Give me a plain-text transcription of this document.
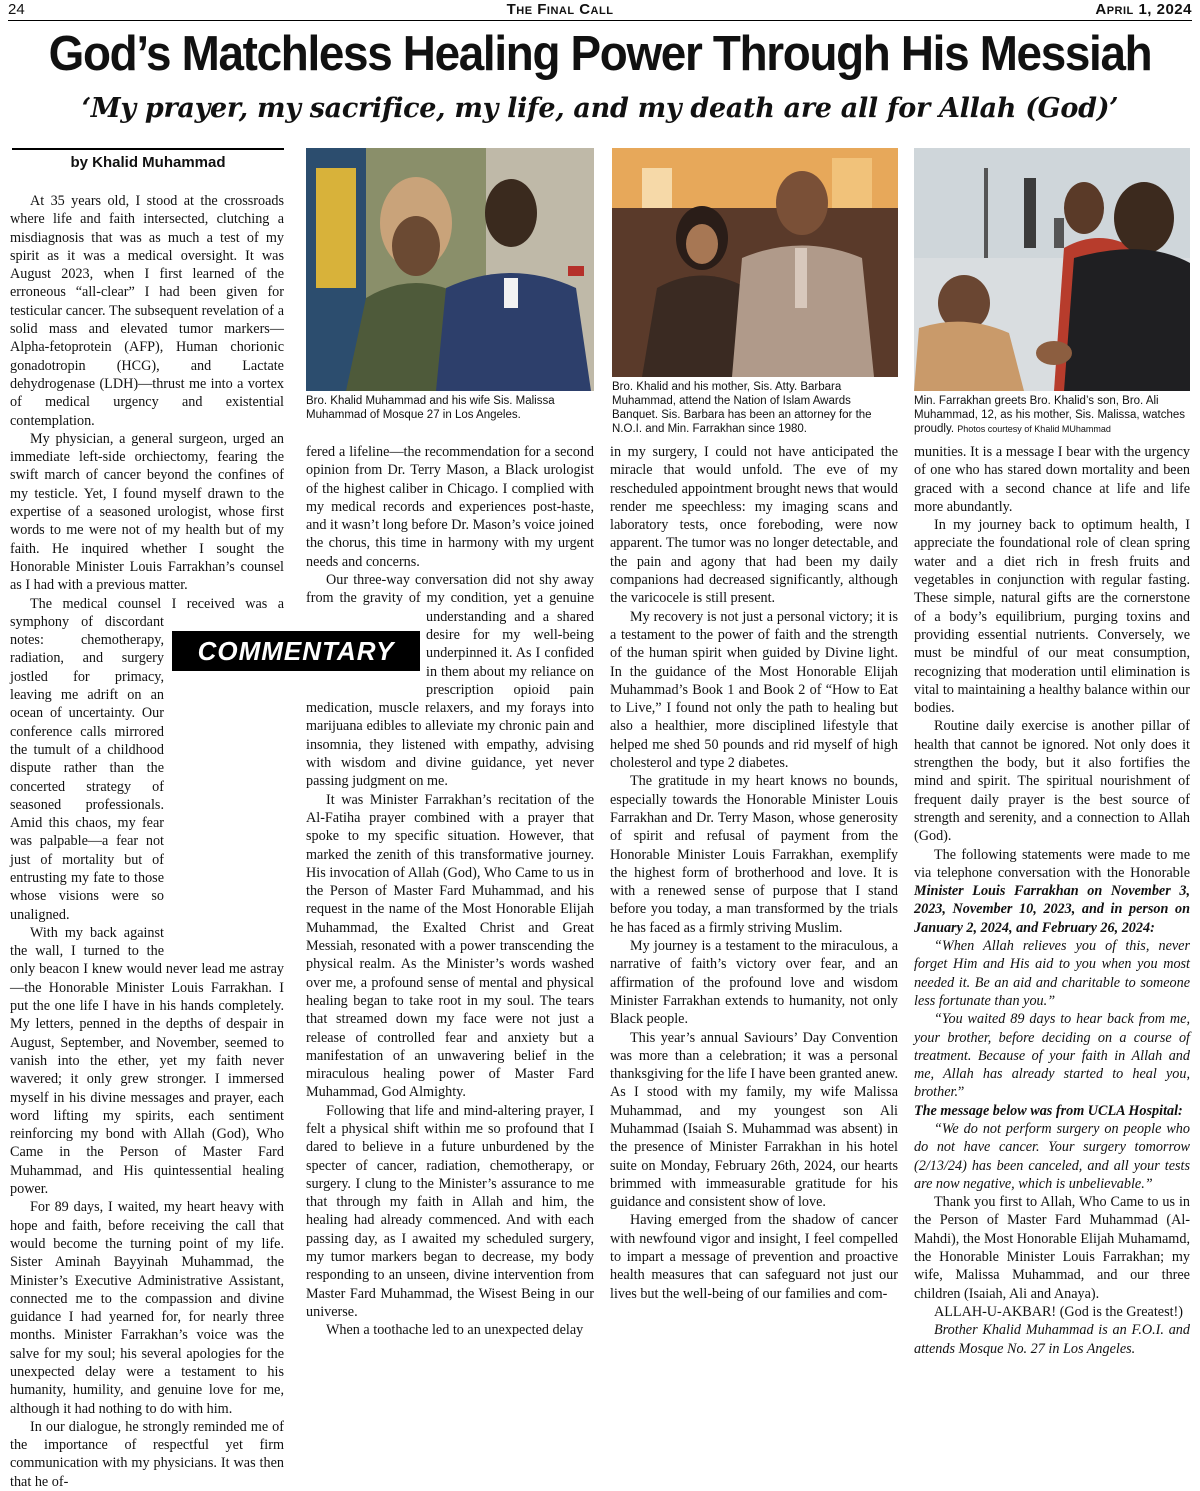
24	The Final Call	April 1, 2024
God’s Matchless Healing Power Through His Messiah
‘My prayer, my sacrifice, my life, and my death are all for Allah (God)’
by Khalid Muhammad
Bro. Khalid Muhammad and his wife Sis. Malissa Muhammad of Mosque 27 in Los Angeles.
Bro. Khalid and his mother, Sis. Atty. Barbara Muhammad, attend the Nation of Islam Awards Banquet. Sis. Barbara has been an attorney for the N.O.I. and Min. Farrakhan since 1980.
Min. Farrakhan greets Bro. Khalid’s son, Bro. Ali Muhammad, 12, as his mother, Sis. Malissa, watches proudly. Photos courtesy of Khalid MUhammad

At 35 years old, I stood at the crossroads where life and faith intersected, clutching a misdiagnosis that was as much a test of my spirit as it was a medical oversight. It was August 2023, when I first learned of the erroneous “all-clear” I had been given for testicular cancer. The subsequent revelation of a solid mass and elevated tumor markers—Alpha-fetoprotein (AFP), Human chorionic gonadotropin (HCG), and Lactate dehydrogenase (LDH)—thrust me into a vortex of medical urgency and existential contemplation.

My physician, a general surgeon, urged an immediate left-side orchiectomy, fearing the swift march of cancer beyond the confines of my testicle. Yet, I found myself drawn to the expertise of a seasoned urologist, whose first words to me were not of my health but of my faith. He inquired whether I sought the Honorable Minister Louis Farrakhan’s counsel as I had with a previous matter.

The medical counsel I received was a symphony of discordant notes: chemotherapy, radiation, and surgery jostled for primacy, leaving me adrift on an ocean of uncertainty. Our conference calls mirrored the tumult of a childhood dispute rather than the concerted strategy of seasoned professionals. Amid this chaos, my fear was palpable—a fear not just of mortality but of entrusting my fate to those whose visions were so unaligned.

With my back against the wall, I turned to the only beacon I knew would never lead me astray—the Honorable Minister Louis Farrakhan. I put the one life I have in his hands completely. My letters, penned in the depths of despair in August, September, and November, seemed to vanish into the ether, yet my faith never wavered; it only grew stronger. I immersed myself in his divine messages and prayer, each word lifting my spirits, each sentiment reinforcing my bond with Allah (God), Who Came in the Person of Master Fard Muhammad, and His quintessential healing power.

For 89 days, I waited, my heart heavy with hope and faith, before receiving the call that would become the turning point of my life. Sister Aminah Bayyinah Muhammad, the Minister’s Executive Administrative Assistant, connected me to the compassion and divine guidance I had yearned for, for nearly three months. Minister Farrakhan’s voice was the salve for my soul; his several apologies for the unexpected delay were a testament to his humanity, humility, and genuine love for me, although it had nothing to do with him.

In our dialogue, he strongly reminded me of the importance of respectful yet firm communication with my physicians. It was then that he of-

fered a lifeline—the recommendation for a second opinion from Dr. Terry Mason, a Black urologist of the highest caliber in Chicago. I complied with my medical records and experiences post-haste, and it wasn’t long before Dr. Mason’s voice joined the chorus, this time in harmony with my urgent needs and concerns.

Our three-way conversation did not shy away from the gravity of my condition, yet a genuine understanding and a shared desire for my well-being underpinned it. As I confided in them about my reliance on prescription opioid pain medication, muscle relaxers, and my forays into marijuana edibles to alleviate my chronic pain and insomnia, they listened with empathy, advising with wisdom and divine guidance, yet never passing judgment on me.

It was Minister Farrakhan’s recitation of the Al-Fatiha prayer combined with a prayer that spoke to my specific situation. However, that marked the zenith of this transformative journey. His invocation of Allah (God), Who Came to us in the Person of Master Fard Muhammad, and his request in the name of the Most Honorable Elijah Muhammad, the Exalted Christ and Great Messiah, resonated with a power transcending the physical realm. As the Minister’s words washed over me, a profound sense of mental and physical healing began to take root in my soul. The tears that streamed down my face were not just a release of controlled fear and anxiety but a manifestation of an unwavering belief in the miraculous healing power of Master Fard Muhammad, God Almighty.

Following that life and mind-altering prayer, I felt a physical shift within me so profound that I dared to believe in a future unburdened by the specter of cancer, radiation, chemotherapy, or surgery. I clung to the Minister’s assurance to me that through my faith in Allah and him, the healing had already commenced. And with each passing day, as I awaited my scheduled surgery, my tumor markers began to decrease, my body responding to an unseen, divine intervention from Master Fard Muhammad, the Wisest Being in our universe.

When a toothache led to an unexpected delay

in my surgery, I could not have anticipated the miracle that would unfold. The eve of my rescheduled appointment brought news that would render me speechless: my imaging scans and laboratory tests, once foreboding, were now apparent. The tumor was no longer detectable, and the pain and agony that had been my daily companions had decreased significantly, although the varicocele is still present.

My recovery is not just a personal victory; it is a testament to the power of faith and the strength of the human spirit when guided by Divine light. In the guidance of the Most Honorable Elijah Muhammad’s Book 1 and Book 2 of “How to Eat to Live,” I found not only the path to healing but also a healthier, more disciplined lifestyle that helped me shed 50 pounds and rid myself of high cholesterol and type 2 diabetes.

The gratitude in my heart knows no bounds, especially towards the Honorable Minister Louis Farrakhan and Dr. Terry Mason, whose generosity of spirit and refusal of payment from the Honorable Minister Louis Farrakhan, exemplify the highest form of brotherhood and love. It is with a renewed sense of purpose that I stand before you today, a man transformed by the trials he has faced as a firmly striving Muslim.

My journey is a testament to the miraculous, a narrative of faith’s victory over fear, and an affirmation of the profound love and wisdom Minister Farrakhan extends to humanity, not only Black people.

This year’s annual Saviours’ Day Convention was more than a celebration; it was a personal thanksgiving for the life I have been granted anew. As I stood with my family, my wife Malissa Muhammad, and my youngest son Ali Muhammad (Isaiah S. Muhammad was absent) in the presence of Minister Farrakhan in his hotel suite on Monday, February 26th, 2024, our hearts brimmed with immeasurable gratitude for his guidance and consistent show of love.

Having emerged from the shadow of cancer with newfound vigor and insight, I feel compelled to impart a message of prevention and proactive health measures that can safeguard not just our lives but the well-being of our families and com-

munities. It is a message I bear with the urgency of one who has stared down mortality and been graced with a second chance at life and life more abundantly.

In my journey back to optimum health, I appreciate the foundational role of clean spring water and a diet rich in fresh fruits and vegetables in conjunction with regular fasting. These simple, natural gifts are the cornerstone of a body’s equilibrium, purging toxins and providing essential nutrients. Conversely, we must be mindful of our meat consumption, recognizing that moderation until elimination is vital to maintaining a healthy balance within our bodies.

Routine daily exercise is another pillar of health that cannot be ignored. Not only does it strengthen the body, but it also fortifies the mind and spirit. The spiritual nourishment of frequent daily prayer is the best source of strength and serenity, and a connection to Allah (God).

The following statements were made to me via telephone conversation with the Honorable Minister Louis Farrakhan on November 3, 2023, November 10, 2023, and in person on January 2, 2024, and February 26, 2024:

“When Allah relieves you of this, never forget Him and His aid to you when you most needed it. Be an aid and charitable to someone less fortunate than you.”

“You waited 89 days to hear back from me, your brother, before deciding on a course of treatment. Because of your faith in Allah and me, Allah has already started to heal you, brother.”

The message below was from UCLA Hospital:

“We do not perform surgery on people who do not have cancer. Your surgery tomorrow (2/13/24) has been canceled, and all your tests are now negative, which is unbelievable.”

Thank you first to Allah, Who Came to us in the Person of Master Fard Muhammad (Al-Mahdi), the Most Honorable Elijah Muhamamd, the Honorable Minister Louis Farrakhan; my wife, Malissa Muhammad, and our three children (Isaiah, Ali and Anaya).

ALLAH-U-AKBAR! (God is the Greatest!)

Brother Khalid Muhammad is an F.O.I. and attends Mosque No. 27 in Los Angeles.

COMMENTARY
